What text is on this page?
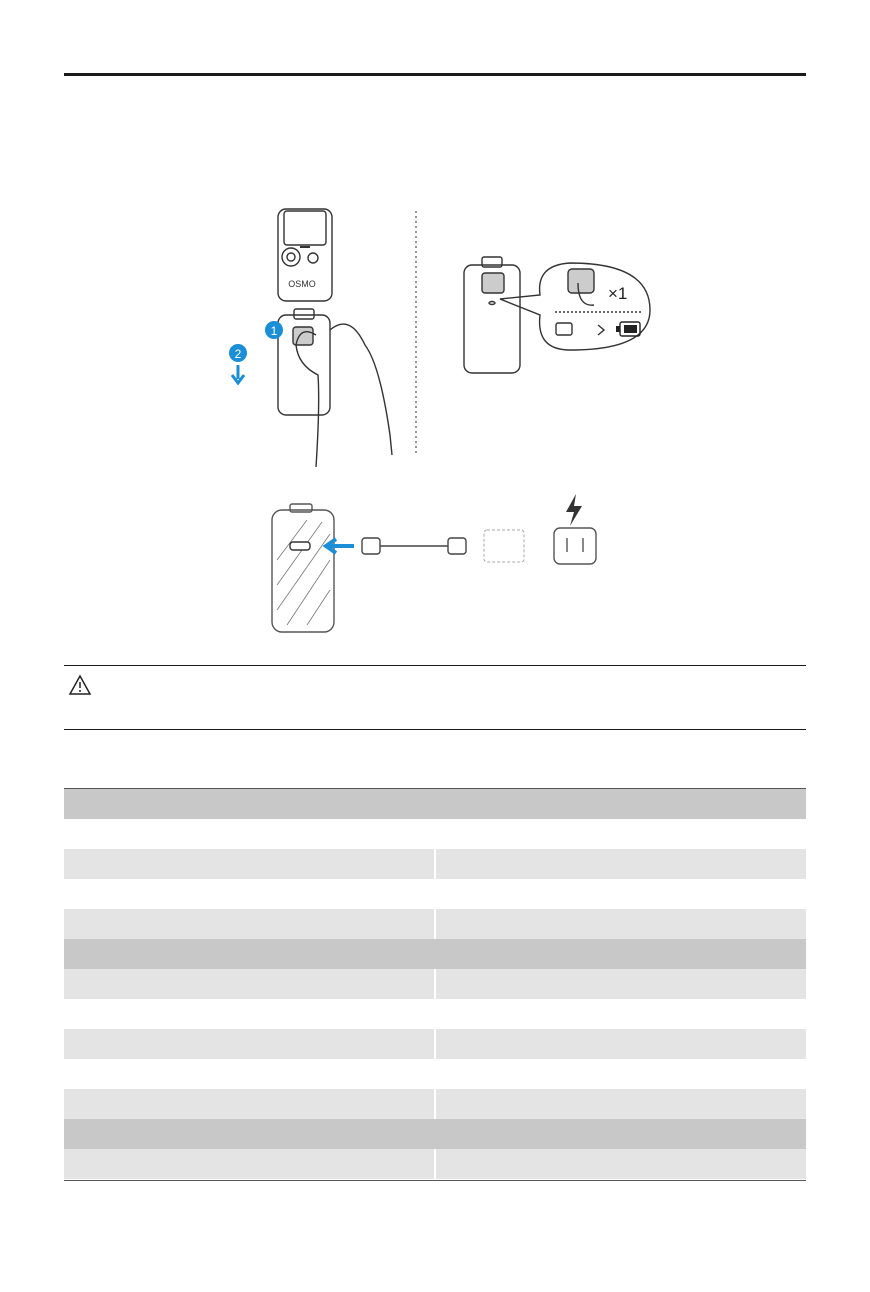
OSMO
1
2
×1
